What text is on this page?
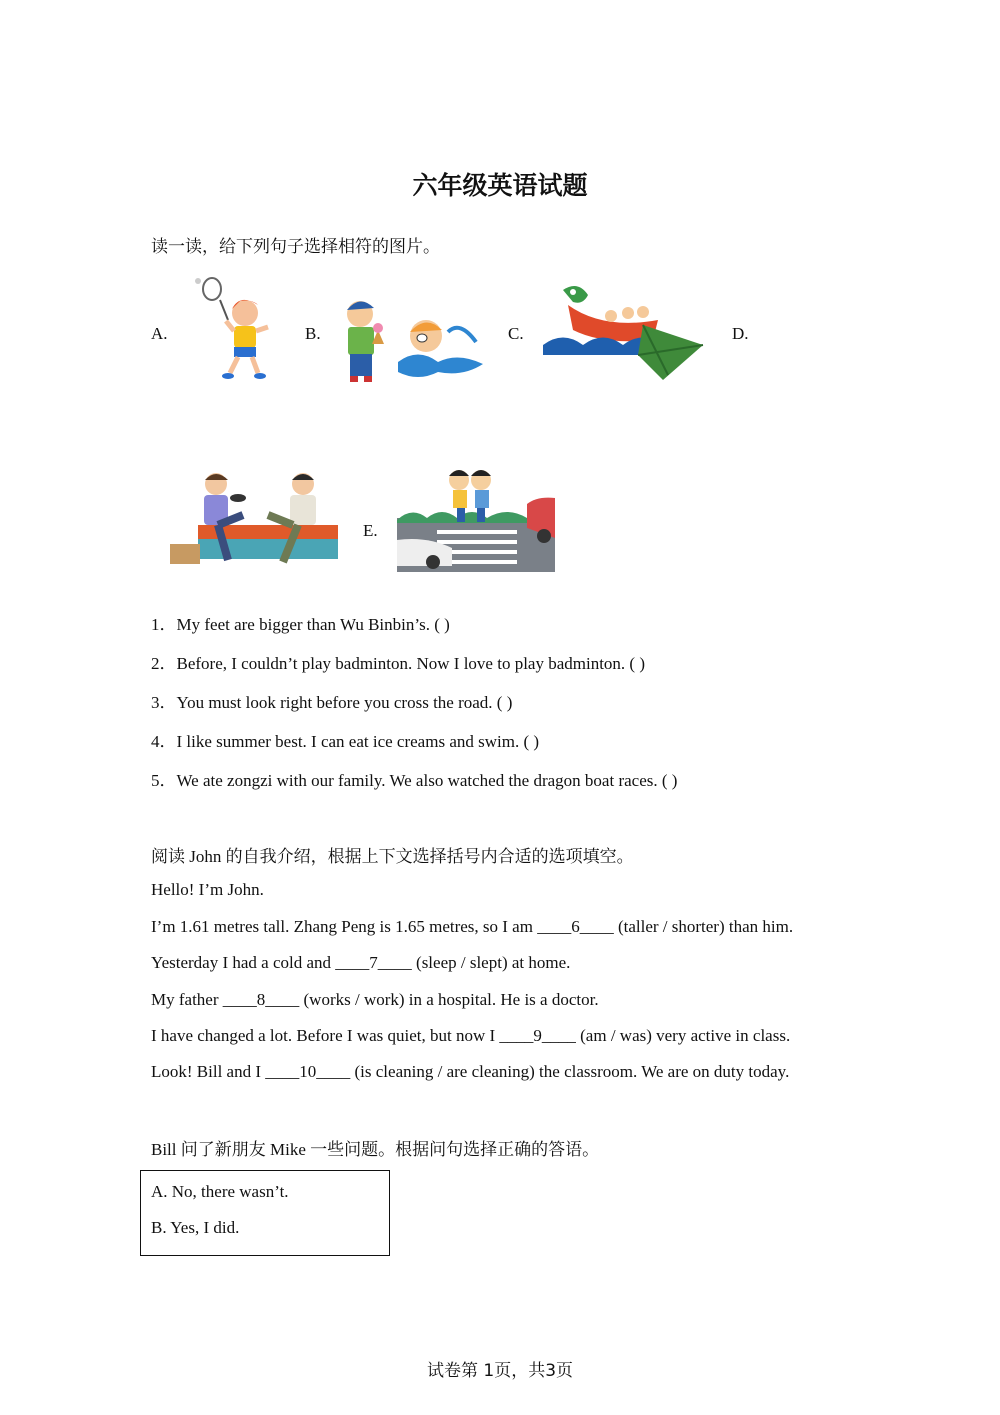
六年级英语试题
读一读，给下列句子选择相符的图片。
A.	B.	C.	D.
E.
1．My feet are bigger than Wu Binbin’s. ( )
2．Before, I couldn’t play badminton. Now I love to play badminton. ( )
3．You must look right before you cross the road. ( )
4．I like summer best. I can eat ice creams and swim. ( )
5．We ate zongzi with our family. We also watched the dragon boat races. ( )
阅读 John 的自我介绍，根据上下文选择括号内合适的选项填空。
Hello! I’m John.
I’m 1.61 metres tall. Zhang Peng is 1.65 metres, so I am ____6____ (taller / shorter) than him.
Yesterday I had a cold and ____7____ (sleep / slept) at home.
My father ____8____ (works / work) in a hospital. He is a doctor.
I have changed a lot. Before I was quiet, but now I ____9____ (am / was) very active in class.
Look! Bill and I ____10____ (is cleaning / are cleaning) the classroom. We are on duty today.
Bill 问了新朋友 Mike 一些问题。根据问句选择正确的答语。
A. No, there wasn’t.
B. Yes, I did.
试卷第 1页，共3页
